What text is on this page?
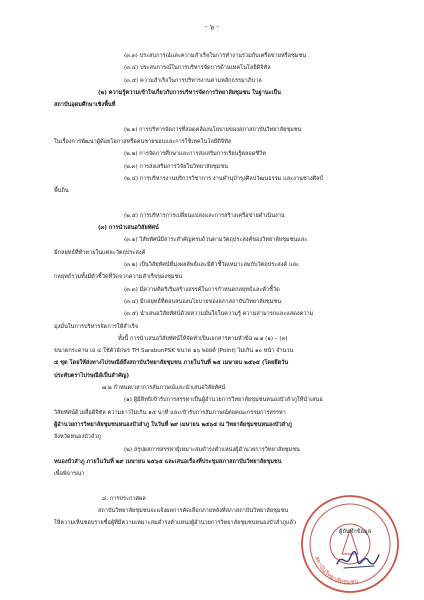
- ๖ -
(๓.๓) ประสบการณ์และความสำเร็จในการทำงานร่วมกับเครือข่ายหรือชุมชน
(๓.๔) ประสบการณ์ในการบริหารจัดการด้านเทคโนโลยีดิจิทัล
(๓.๕) ความสำเร็จในการบริหารงานตามหลักธรรมาภิบาล
(๒) ความรู้ความเข้าใจเกี่ยวกับการบริหารจัดการวิทยาลัยชุมชน ในฐานะเป็น
สถาบันอุดมศึกษาเชิงพื้นที่
(๒.๑) การบริหารจัดการที่สอดคล้องนโยบายของสภาสถาบันวิทยาลัยชุมชน
ในเรื่องการพัฒนาผู้ด้อยโอกาสหรือคนชายขอบและการใช้เทคโนโลยีดิจิทัล
(๒.๒) การจัดการศึกษาและการส่งเสริมการเรียนรู้ตลอดชีวิต
(๒.๓) การส่งเสริมการวิจัยในวิทยาลัยชุมชน
(๒.๔) การบริหารงานบริการวิชาการ งานทำนุบำรุงศิลปวัฒนธรรม และงานช่างศิลป์
พื้นถิ่น
(๒.๕) การบริหารการเปลี่ยนแปลงและการสร้างเครือข่ายดำเนินงาน
(๓) การนำเสนอวิสัยทัศน์
(๓.๑) วิสัยทัศน์มีสาระสำคัญครบถ้วนตามวัตถุประสงค์ของวิทยาลัยชุมชนและ
มีกลยุทธ์ที่ท้าทายในแต่ละวัตถุประสงค์
(๓.๒) เป็นวิสัยทัศน์ที่มุ่งผลลัพธ์และมีตัวชี้วัดเหมาะสมกับวัตถุประสงค์ และ
กลยุทธ์รวมทั้งมีตัวชี้วัดที่วัดจากความสำเร็จของชุมชน
(๓.๓) มีความคิดริเริ่มสร้างสรรค์ในการกำหนดกลยุทธ์และตัวชี้วัด
(๓.๔) มีกลยุทธ์ที่ตอบสนองนโยบายของสภาสถาบันวิทยาลัยชุมชน
(๓.๕) นำเสนอวิสัยทัศน์ด้วยความมั่นใจในความรู้ ความสามารถและแสดงความ
มุ่งมั่นในการบริหารจัดการให้สำเร็จ
ทั้งนี้ การนำเสนอวิสัยทัศน์ให้จัดทำเป็นเอกสารตามหัวข้อ ๗.๑ (๑) – (๓)
ขนาดกระดาษ เอ ๔ ใช้ตัวอักษร TH SarabunPSK ขนาด ๑๖ พอยต์ (Point) ไม่เกิน ๑๐ หน้า จำนวน
๕ ชุด โดยให้ส่งทางไปรษณีย์ถึงสถาบันวิทยาลัยชุมชน ภายในวันที่ ๒๕ เมษายน ๒๕๖๕ (โดยยึดวัน
ประทับตราไปรษณีย์เป็นสำคัญ)
๗.๒ กำหนดเวลาการสัมภาษณ์และนำเสนอวิสัยทัศน์
(๑) ผู้มีสิทธิเข้ารับการสรรหาเป็นผู้อำนวยการวิทยาลัยชุมชนหนองบัวลำภูให้นำเสนอ
วิสัยทัศน์ด้วยสื่อดิจิทัล ความยาวไม่เกิน ๑๕ นาที และเข้ารับการสัมภาษณ์ต่อคณะกรรมการสรรหา
ผู้อำนวยการวิทยาลัยชุมชนหนองบัวลำภู ในวันที่ ๒๙ เมษายน ๒๕๖๕ ณ วิทยาลัยชุมชนหนองบัวลำภู
จังหวัดหนองบัวลำภู
(๒) สรุปผลการสรรหาผู้เหมาะสมดำรงตำแหน่งผู้อำนวยการวิทยาลัยชุมชน
หนองบัวลำภู ภายในวันที่ ๒๙ เมษายน ๒๕๖๕ และเสนอเรื่องที่ประชุมสภาสถาบันวิทยาลัยชุมชน
เพื่อพิจารณา
๘. การประกาศผล
สถาบันวิทยาลัยชุมชนจะแจ้งผลการคัดเลือกภายหลังที่สภาสถาบันวิทยาลัยชุมชน
ให้ความเห็นชอบรายชื่อผู้ที่มีความเหมาะสมดำรงตำแหน่งผู้อำนวยการวิทยาลัยชุมชนหนองบัวลำภูแล้ว
สถาบันวิทยาลัยชุมชน
ผู้บันทึกข้อมูล
